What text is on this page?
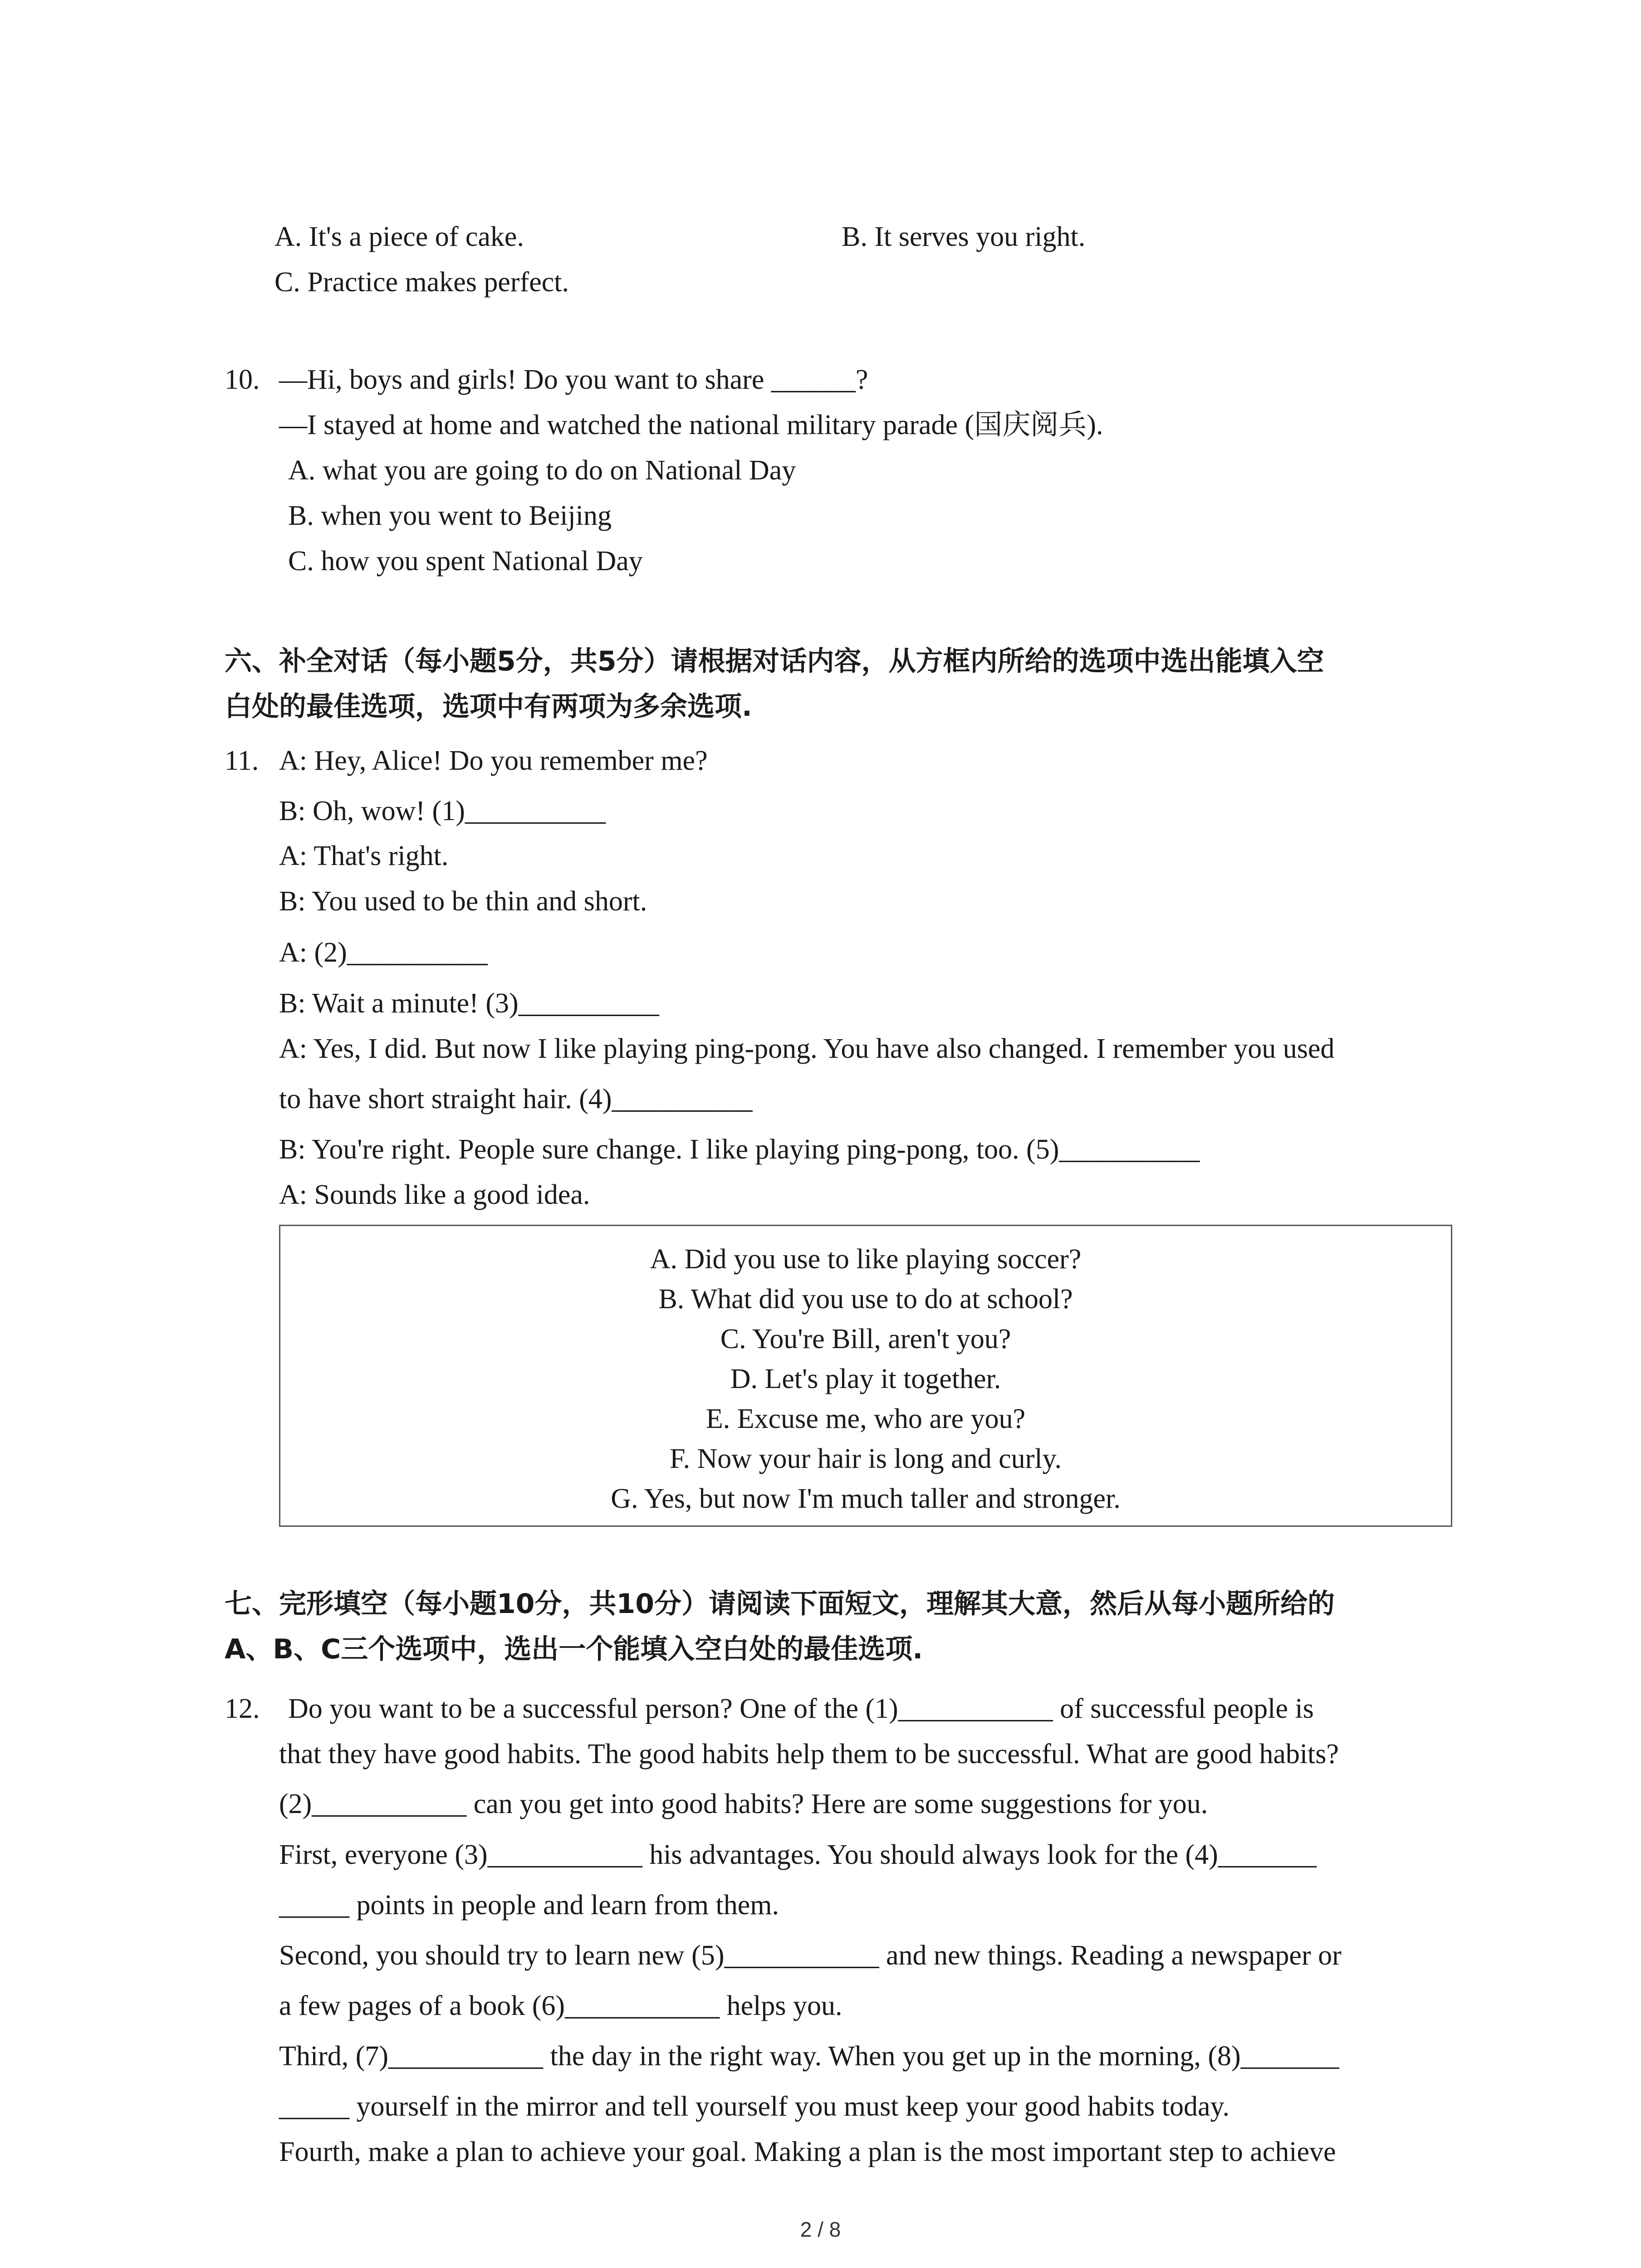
A. It's a piece of cake.	B. It serves you right.
C. Practice makes perfect.
10. —Hi, boys and girls! Do you want to share ______?
—I stayed at home and watched the national military parade (国庆阅兵).
A. what you are going to do on National Day
B. when you went to Beijing
C. how you spent National Day
六、补全对话（每小题5分，共5分）请根据对话内容，从方框内所给的选项中选出能填入空
白处的最佳选项，选项中有两项为多余选项.
11. A: Hey, Alice! Do you remember me?
B: Oh, wow! (1)__________
A: That's right.
B: You used to be thin and short.
A: (2)__________
B: Wait a minute! (3)__________
A: Yes, I did. But now I like playing ping-pong. You have also changed. I remember you used
to have short straight hair. (4)__________
B: You're right. People sure change. I like playing ping-pong, too. (5)__________
A: Sounds like a good idea.
A. Did you use to like playing soccer?
B. What did you use to do at school?
C. You're Bill, aren't you?
D. Let's play it together.
E. Excuse me, who are you?
F. Now your hair is long and curly.
G. Yes, but now I'm much taller and stronger.
七、完形填空（每小题10分，共10分）请阅读下面短文，理解其大意，然后从每小题所给的
A、B、C三个选项中，选出一个能填入空白处的最佳选项.
12. Do you want to be a successful person? One of the (1)___________ of successful people is
that they have good habits. The good habits help them to be successful. What are good habits?
(2)___________ can you get into good habits? Here are some suggestions for you.
First, everyone (3)___________ his advantages. You should always look for the (4)_______
_____ points in people and learn from them.
Second, you should try to learn new (5)___________ and new things. Reading a newspaper or
a few pages of a book (6)___________ helps you.
Third, (7)___________ the day in the right way. When you get up in the morning, (8)_______
_____ yourself in the mirror and tell yourself you must keep your good habits today.
Fourth, make a plan to achieve your goal. Making a plan is the most important step to achieve
2 / 8
